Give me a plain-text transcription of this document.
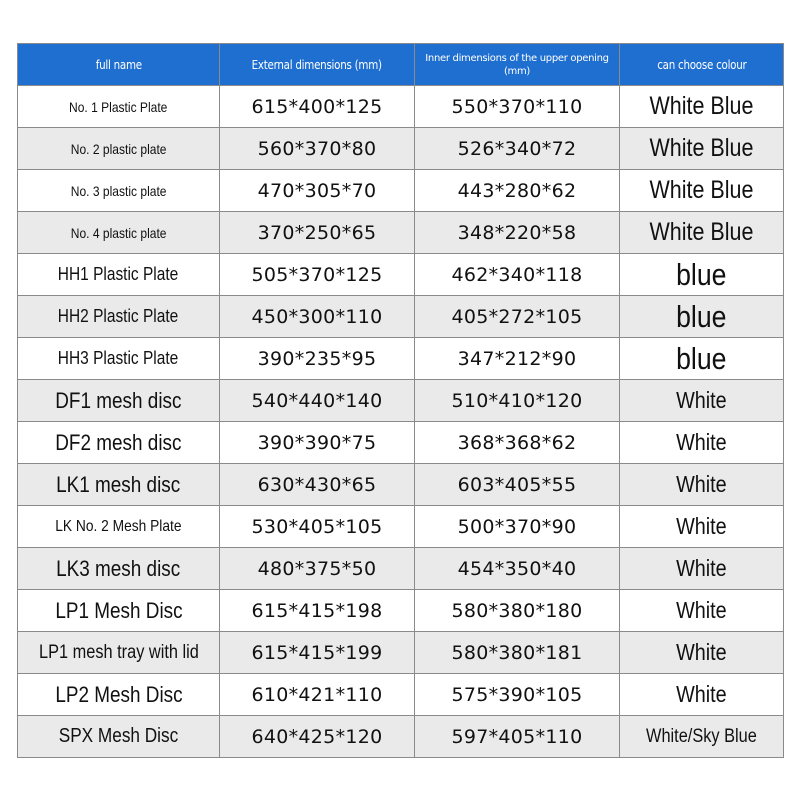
full name	External dimensions (mm)	Inner dimensions of the upper opening (mm)	can choose colour
No. 1 Plastic Plate	615*400*125	550*370*110	White Blue
No. 2 plastic plate	560*370*80	526*340*72	White Blue
No. 3 plastic plate	470*305*70	443*280*62	White Blue
No. 4 plastic plate	370*250*65	348*220*58	White Blue
HH1 Plastic Plate	505*370*125	462*340*118	blue
HH2 Plastic Plate	450*300*110	405*272*105	blue
HH3 Plastic Plate	390*235*95	347*212*90	blue
DF1 mesh disc	540*440*140	510*410*120	White
DF2 mesh disc	390*390*75	368*368*62	White
LK1 mesh disc	630*430*65	603*405*55	White
LK No. 2 Mesh Plate	530*405*105	500*370*90	White
LK3 mesh disc	480*375*50	454*350*40	White
LP1 Mesh Disc	615*415*198	580*380*180	White
LP1 mesh tray with lid	615*415*199	580*380*181	White
LP2 Mesh Disc	610*421*110	575*390*105	White
SPX Mesh Disc	640*425*120	597*405*110	White/Sky Blue
